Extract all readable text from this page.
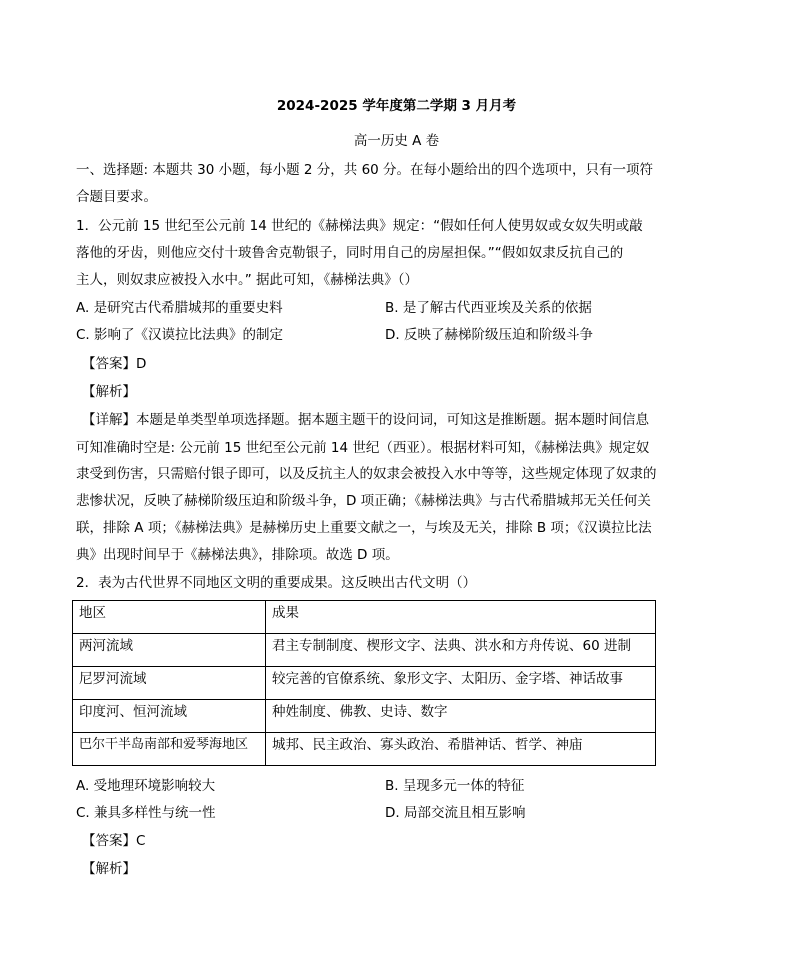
2024-2025 学年度第二学期 3 月月考
高一历史 A 卷
一、选择题: 本题共 30 小题，每小题 2 分，共 60 分。在每小题给出的四个选项中，只有一项符
合题目要求。
1．公元前 15 世纪至公元前 14 世纪的《赫梯法典》规定：“假如任何人使男奴或女奴失明或敲
落他的牙齿，则他应交付十玻鲁舍克勒银子，同时用自己的房屋担保。”“假如奴隶反抗自己的
主人，则奴隶应被投入水中。” 据此可知，《赫梯法典》（）
A. 是研究古代希腊城邦的重要史料	B. 是了解古代西亚埃及关系的依据
C. 影响了《汉谟拉比法典》的制定	D. 反映了赫梯阶级压迫和阶级斗争
【答案】D
【解析】
【详解】本题是单类型单项选择题。据本题主题干的设问词，可知这是推断题。据本题时间信息
可知准确时空是: 公元前 15 世纪至公元前 14 世纪（西亚）。根据材料可知，《赫梯法典》规定奴
隶受到伤害，只需赔付银子即可，以及反抗主人的奴隶会被投入水中等等，这些规定体现了奴隶的
悲惨状况，反映了赫梯阶级压迫和阶级斗争，D 项正确；《赫梯法典》与古代希腊城邦无关任何关
联，排除 A 项；《赫梯法典》是赫梯历史上重要文献之一，与埃及无关，排除 B 项；《汉谟拉比法
典》出现时间早于《赫梯法典》，排除项。故选 D 项。
2．表为古代世界不同地区文明的重要成果。这反映出古代文明（）
地区	成果
两河流域	君主专制制度、楔形文字、法典、洪水和方舟传说、60 进制
尼罗河流域	较完善的官僚系统、象形文字、太阳历、金字塔、神话故事
印度河、恒河流域	种姓制度、佛教、史诗、数字
巴尔干半岛南部和爱琴海地区	城邦、民主政治、寡头政治、希腊神话、哲学、神庙
A. 受地理环境影响较大	B. 呈现多元一体的特征
C. 兼具多样性与统一性	D. 局部交流且相互影响
【答案】C
【解析】
